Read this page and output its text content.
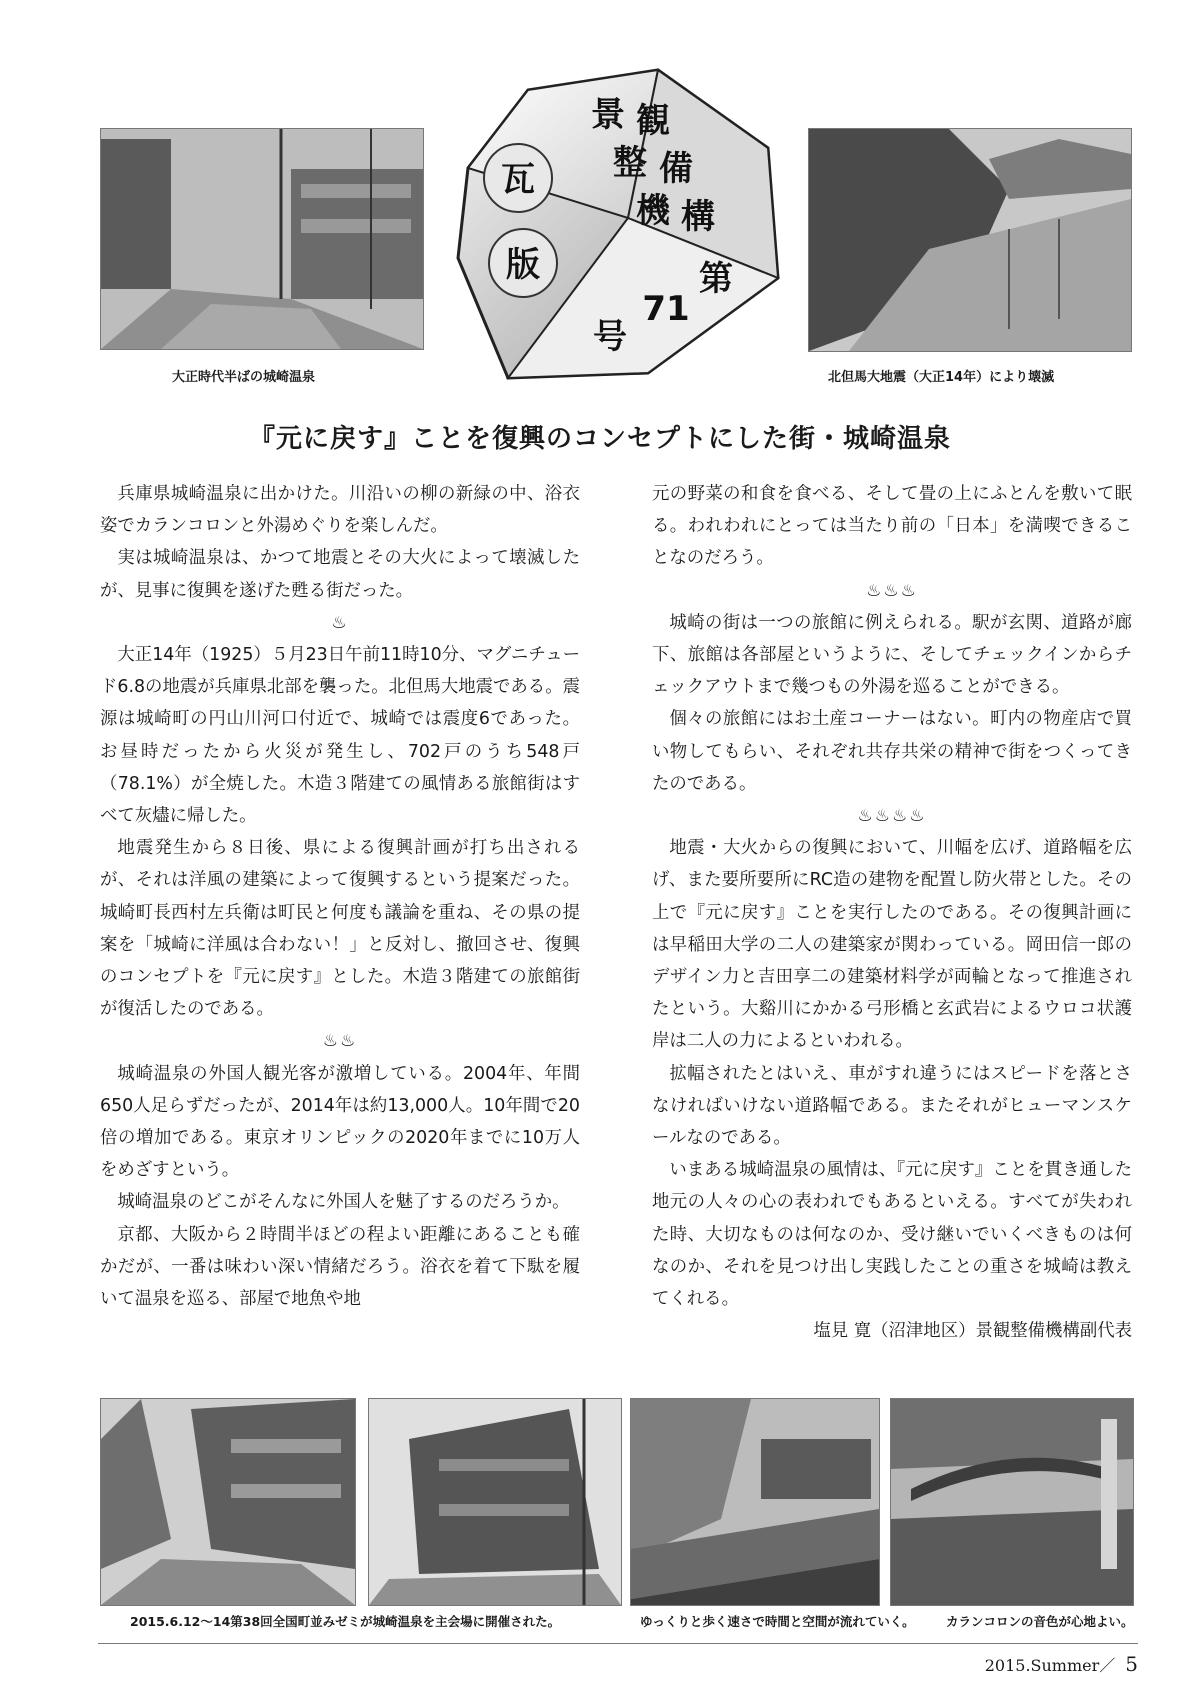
大正時代半ばの城崎温泉
瓦
版
景 観
整 備
機 構
第
71
号
北但馬大地震（大正14年）により壊滅
『元に戻す』ことを復興のコンセプトにした街・城崎温泉

兵庫県城崎温泉に出かけた。川沿いの柳の新緑の中、浴衣姿でカランコロンと外湯めぐりを楽しんだ。

実は城崎温泉は、かつて地震とその大火によって壊滅したが、見事に復興を遂げた甦る街だった。

♨

大正14年（1925）５月23日午前11時10分、マグニチュード6.8の地震が兵庫県北部を襲った。北但馬大地震である。震源は城崎町の円山川河口付近で、城崎では震度6であった。お昼時だったから火災が発生し、702戸のうち548戸（78.1%）が全焼した。木造３階建ての風情ある旅館街はすべて灰燼に帰した。

地震発生から８日後、県による復興計画が打ち出されるが、それは洋風の建築によって復興するという提案だった。城崎町長西村左兵衛は町民と何度も議論を重ね、その県の提案を「城崎に洋風は合わない！」と反対し、撤回させ、復興のコンセプトを『元に戻す』とした。木造３階建ての旅館街が復活したのである。

♨♨

城崎温泉の外国人観光客が激増している。2004年、年間650人足らずだったが、2014年は約13,000人。10年間で20倍の増加である。東京オリンピックの2020年までに10万人をめざすという。

城崎温泉のどこがそんなに外国人を魅了するのだろうか。

京都、大阪から２時間半ほどの程よい距離にあることも確かだが、一番は味わい深い情緒だろう。浴衣を着て下駄を履いて温泉を巡る、部屋で地魚や地

元の野菜の和食を食べる、そして畳の上にふとんを敷いて眠る。われわれにとっては当たり前の「日本」を満喫できることなのだろう。

♨♨♨

城崎の街は一つの旅館に例えられる。駅が玄関、道路が廊下、旅館は各部屋というように、そしてチェックインからチェックアウトまで幾つもの外湯を巡ることができる。

個々の旅館にはお土産コーナーはない。町内の物産店で買い物してもらい、それぞれ共存共栄の精神で街をつくってきたのである。

♨♨♨♨

地震・大火からの復興において、川幅を広げ、道路幅を広げ、また要所要所にRC造の建物を配置し防火帯とした。その上で『元に戻す』ことを実行したのである。その復興計画には早稲田大学の二人の建築家が関わっている。岡田信一郎のデザイン力と吉田享二の建築材料学が両輪となって推進されたという。大谿川にかかる弓形橋と玄武岩によるウロコ状護岸は二人の力によるといわれる。

拡幅されたとはいえ、車がすれ違うにはスピードを落とさなければいけない道路幅である。またそれがヒューマンスケールなのである。

いまある城崎温泉の風情は、『元に戻す』ことを貫き通した地元の人々の心の表われでもあるといえる。すべてが失われた時、大切なものは何なのか、受け継いでいくべきものは何なのか、それを見つけ出し実践したことの重さを城崎は教えてくれる。

塩見 寛（沼津地区）景観整備機構副代表

2015.6.12～14第38回全国町並みゼミが城崎温泉を主会場に開催された。	ゆっくりと歩く速さで時間と空間が流れていく。	カランコロンの音色が心地よい。
2015.Summer／ 5
